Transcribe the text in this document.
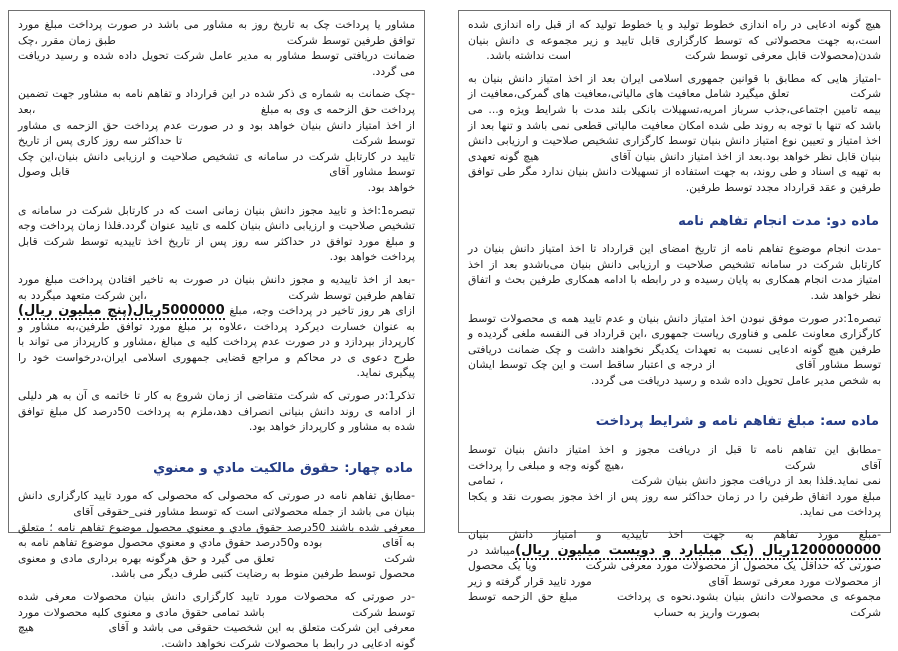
مشاور یا پرداخت چک به تاریخ روز به مشاور می باشد در صورت پرداخت مبلغ مورد توافق طرفین توسط شرکت                                         طبق زمان مقرر ،چک ضمانت دریافتی توسط مشاور به مدیر عامل شرکت تحویل داده شده و رسید دریافت می گردد.

-چک ضمانت به شماره ی ذکر شده در این قرارداد و تفاهم نامه به مشاور جهت تضمین پرداخت حق الزحمه ی وی به مبلغ                                                        ،بعد از اخذ امتیاز دانش بنیان خواهد بود و در صورت عدم پرداخت حق الزحمه ی مشاور توسط شرکت                                         تا حداکثر سه روز کاری پس از تاریخ تایید در کارتابل شرکت در سامانه ی تشخیص صلاحیت و ارزیابی دانش بنیان،این چک توسط مشاور آقای                                                           قابل وصول خواهد بود.

تبصره1:اخذ و تایید مجوز دانش بنیان زمانی است که در کارتابل شرکت در سامانه ی تشخیص صلاحیت و ارزیابی دانش بنیان کلمه ی تایید عنوان گردد.فلذا زمان پرداخت وجه و مبلغ مورد توافق در حداکثر سه روز پس از تاریخ اخذ تاییدیه توسط شرکت قابل پرداخت خواهد بود.

-بعد از اخذ تاییدیه و مجوز دانش بنیان در صورت به تاخیر افتادن پرداخت مبلغ مورد تفاهم طرفین توسط شرکت                                   ،این شرکت متعهد میگردد به ازای هر روز تاخیر در پرداخت وجه، مبلغ 5000000ریال(پنج میلیون ریال) به عنوان خسارت دیرکرد پرداخت ،علاوه بر مبلغ مورد توافق طرفین،به مشاور و کارپرداز بپردازد و در صورت عدم پرداخت کلیه ی مبالغ ،مشاور و کارپرداز می تواند با طرح دعوی ی در محاکم و مراجع قضایی جمهوری اسلامی ایران،درخواست خود را پیگیری نماید.

تذکر1:در صورتی که شرکت متقاضی از زمان شروع به کار تا خاتمه ی آن به هر دلیلی از ادامه ی روند دانش بنیانی انصراف دهد،ملزم به پرداخت 50درصد کل مبلغ توافق شده به مشاور و کارپرداز خواهد بود.

ماده چهار: حقوق مالکیت مادي و معنوي

-مطابق تفاهم نامه در صورتی که محصولی که محصولی که مورد تایید کارگزاری دانش بنیان می باشد از جمله محصولاتی است که توسط مشاور فنی_حقوقی آقای               معرفی شده باشند 50درصد حقوق مادي و معنوي محصول موضوع تفاهم نامه ؛ متعلق به آقای               بوده و50درصد حقوق مادي و معنوي محصول موضوع تفاهم نامه به شرکت                         تعلق می گیرد و حق هرگونه بهره برداری مادی و معنوی محصول توسط طرفین منوط به رضایت کتبی طرف دیگر می باشد.

-در صورتی که محصولات مورد تایید کارگزاری دانش بنیان محصولات معرفی شده توسط شرکت                     باشد تمامی حقوق مادی و معنوی کلیه محصولات مورد معرفی این شرکت متعلق به این شخصیت حقوقی می باشد و آقای                 هیچ گونه ادعایی در رابط با محصولات شرکت نخواهد داشت.

هیچ گونه ادعایی در راه اندازی خطوط تولید و یا خطوط تولید که از قبل راه اندازی شده است،به جهت محصولاتی که توسط کارگزاری قابل تایید و زیر مجموعه ی دانش بنیان شدن(محصولات قابل معرفی توسط شرکت                             است نداشته باشد.

-امتیاز هایی که مطابق با قوانین جمهوری اسلامی ایران بعد از اخذ امتیاز دانش بنیان به شرکت               تعلق میگیرد شامل معافیت های مالیاتی،معافیت های گمرکی،معافیت از بیمه تامین اجتماعی،جذب سرباز امریه،تسهیلات بانکی بلند مدت با شرایط ویژه و... می باشد که تنها با توجه به روند طی شده امکان معافیت مالیاتی قطعی نمی باشد و تنها بعد از اخذ امتیاز و تعیین نوع امتیاز دانش بنیان توسط کارگزاری تشخیص صلاحیت و ارزیابی دانش بنیان قابل نظر خواهد بود.بعد از اخذ امتیاز دانش بنیان آقای                 هیچ گونه تعهدی به تهیه ی اسناد و طی روند، به جهت استفاده از تسهیلات دانش بنیان ندارد مگر طی توافق طرفین و عقد قرارداد مجدد توسط طرفین.

ماده دو: مدت انجام تفاهم نامه

-مدت انجام موضوع تفاهم نامه از تاریخ امضای این قرارداد تا اخذ امتیاز دانش بنیان در کارتابل شرکت در سامانه تشخیص صلاحیت و ارزیابی دانش بنیان می‌باشدو بعد از اخذ امتیاز مدت انجام همکاری به پایان رسیده و در رابطه با ادامه همکاری طرفین بحث و اتفاق نظر خواهد شد.

تبصره1:در صورت موفق نبودن اخذ امتیاز دانش بنیان و عدم تایید همه ی محصولات توسط کارگزاری معاونت علمی و فناوری ریاست جمهوری ،این قرارداد فی النفسه ملغی گردیده و طرفین هیچ گونه ادعایی نسبت به تعهدات یکدیگر نخواهند داشت و چک ضمانت دریافتی توسط مشاور آقای                   از درجه ی اعتبار ساقط است و این چک توسط ایشان به شخص مدیر عامل تحویل داده شده و رسید دریافت می گردد.

ماده سه: مبلغ تفاهم نامه و شرایط پرداخت

-مطابق این تفاهم نامه تا قبل از دریافت مجوز و اخذ امتیاز دانش بنیان توسط آقای           شرکت                                       ،هیچ گونه وجه و مبلغی را پرداخت نمی نماید.فلذا بعد از دریافت مجوز دانش بنیان شرکت                             ، تمامی مبلغ مورد اتفاق طرفین را در زمان حداکثر سه روز پس از اخذ مجوز بصورت نقد و یکجا پرداخت می نماید.

-مبلغ مورد تفاهم به جهت اخذ تاییدیه و امتیاز دانش بنیان 1200000000ریال (یک میلیارد و دویست میلیون ریال)میباشد در صورتی که حداقل یک محصول از محصولات مورد معرفی شرکت           ویا یک محصول از محصولات مورد معرفی توسط آقای                             مورد تایید قرار گرفته و زیر مجموعه ی محصولات دانش بنیان بشود.نحوه ی پرداخت       مبلغ حق الزحمه توسط شرکت                       بصورت واریز به حساب
